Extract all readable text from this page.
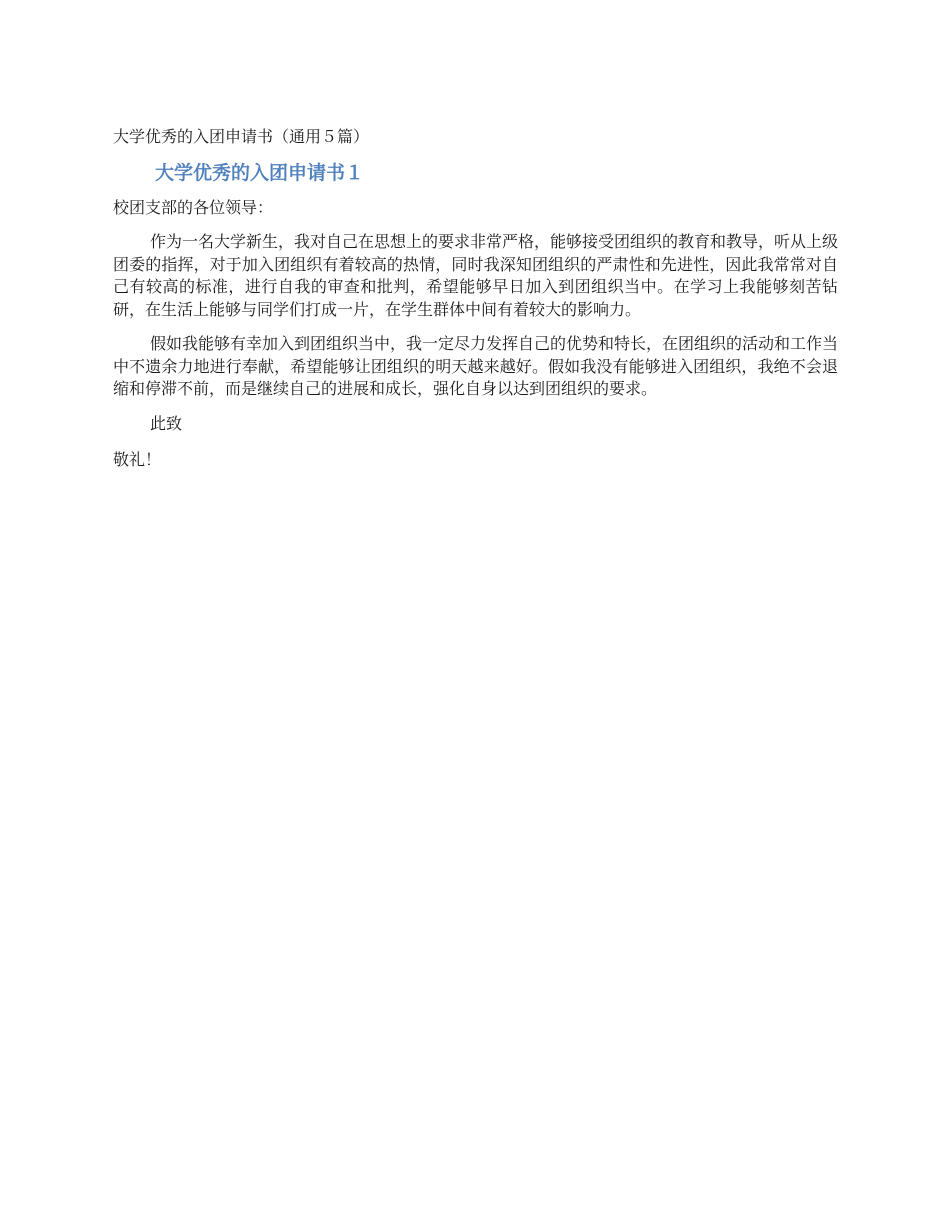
大学优秀的入团申请书（通用５篇）
大学优秀的入团申请书１
校团支部的各位领导：

作为一名大学新生，我对自己在思想上的要求非常严格，能够接受团组织的教育和教导，听从上级团委的指挥，对于加入团组织有着较高的热情，同时我深知团组织的严肃性和先进性，因此我常常对自己有较高的标准，进行自我的审查和批判，希望能够早日加入到团组织当中。在学习上我能够刻苦钻研，在生活上能够与同学们打成一片，在学生群体中间有着较大的影响力。

假如我能够有幸加入到团组织当中，我一定尽力发挥自己的优势和特长，在团组织的活动和工作当中不遗余力地进行奉献，希望能够让团组织的明天越来越好。假如我没有能够进入团组织，我绝不会退缩和停滞不前，而是继续自己的进展和成长，强化自身以达到团组织的要求。

此致
敬礼！
